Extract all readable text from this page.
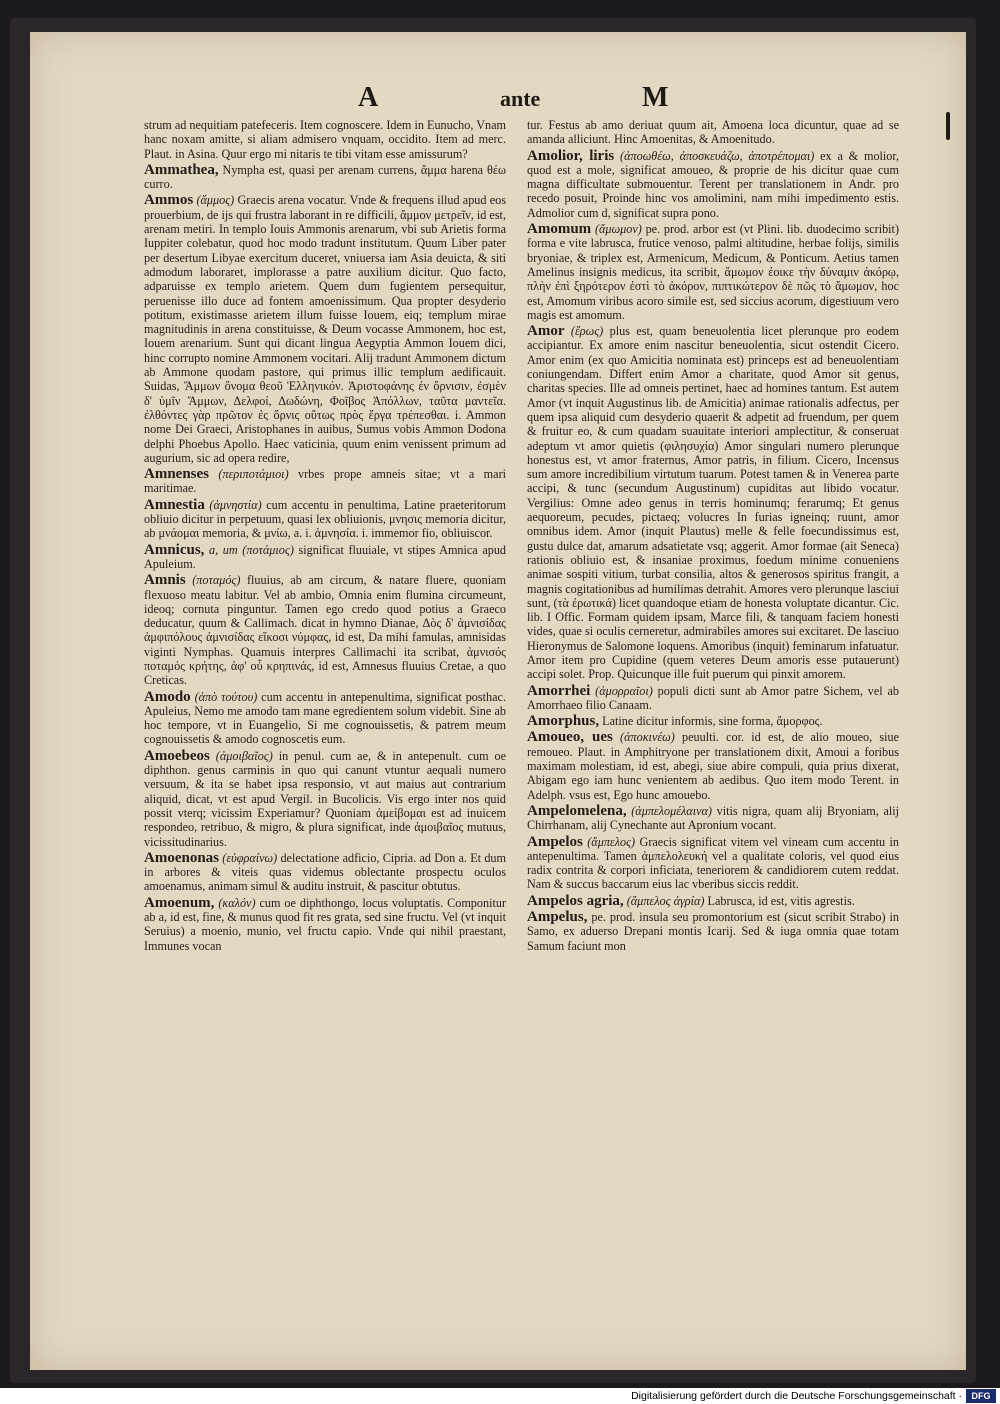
A	ante	M

strum ad nequitiam patefeceris. Item cognoscere. Idem in Eunucho, Vnam hanc noxam amitte, si aliam admisero vnquam, occidito. Item ad merc. Plaut. in Asina. Quur ergo mi nitaris te tibi vitam esse amissurum?

Ammathea, Nympha est, quasi per arenam currens, ἄμμα harena θέω curro.

Ammos (ἄμμος) Graecis arena vocatur. Vnde & frequens illud apud eos prouerbium, de ijs qui frustra laborant in re difficili, ἄμμον μετρεῖν, id est, arenam metiri. In templo Iouis Ammonis arenarum, vbi sub Arietis forma Iuppiter colebatur, quod hoc modo tradunt institutum. Quum Liber pater per desertum Libyae exercitum duceret, vniuersa iam Asia deuicta, & siti admodum laboraret, implorasse a patre auxilium dicitur. Quo facto, adparuisse ex templo arietem. Quem dum fugientem persequitur, peruenisse illo duce ad fontem amoenissimum. Qua propter desyderio potitum, existimasse arietem illum fuisse Iouem, eiq; templum mirae magnitudinis in arena constituisse, & Deum vocasse Ammonem, hoc est, Iouem arenarium. Sunt qui dicant lingua Aegyptia Ammon Iouem dici, hinc corrupto nomine Ammonem vocitari. Alij tradunt Ammonem dictum ab Ammone quodam pastore, qui primus illic templum aedificauit. Suidas, Ἄμμων ὄνομα θεοῦ Ἑλληνικόν. Ἀριστοφάνης ἐν ὄρνισιν, ἐσμὲν δ' ὑμῖν Ἄμμων, Δελφοί, Δωδώνη, Φοῖβος Ἀπόλλων, ταῦτα μαντεῖα. ἐλθόντες γὰρ πρῶτον ἐς ὄρνις οὕτως πρὸς ἔργα τρέπεσθαι. i. Ammon nome Dei Graeci, Aristophanes in auibus, Sumus vobis Ammon Dodona delphi Phoebus Apollo. Haec vaticinia, quum enim venissent primum ad augurium, sic ad opera redire,

Amnenses (περιποτάμιοι) vrbes prope amneis sitae; vt a mari maritimae.

Amnestia (ἀμνηστία) cum accentu in penultima, Latine praeteritorum obliuio dicitur in perpetuum, quasi lex obliuionis, μνησις memoria dicitur, ab μνάομαι memoria, & μνίω, a. i. ἀμνησία. i. immemor fio, obliuiscor.

Amnicus, a, um (ποτάμιος) significat fluuiale, vt stipes Amnica apud Apuleium.

Amnis (ποταμός) fluuius, ab am circum, & natare fluere, quoniam flexuoso meatu labitur. Vel ab ambio, Omnia enim flumina circumeunt, ideoq; cornuta pinguntur. Tamen ego credo quod potius a Graeco deducatur, quum & Callimach. dicat in hymno Dianae, Δὸς δ' ἀμνισίδας ἀμφιπόλους ἀμνισίδας εἴκοσι νύμφας, id est, Da mihi famulas, amnisidas viginti Nymphas. Quamuis interpres Callimachi ita scribat, ἀμνισός ποταμός κρήτης, ἀφ' οὗ κρηπινάς, id est, Amnesus fluuius Cretae, a quo Creticas.

Amodo (ἀπὸ τούτου) cum accentu in antepenultima, significat posthac. Apuleius, Nemo me amodo tam mane egredientem solum videbit. Sine ab hoc tempore, vt in Euangelio, Si me cognouissetis, & patrem meum cognouissetis & amodo cognoscetis eum.

Amoebeos (ἀμοιβαῖος) in penul. cum ae, & in antepenult. cum oe diphthon. genus carminis in quo qui canunt vtuntur aequali numero versuum, & ita se habet ipsa responsio, vt aut maius aut contrarium aliquid, dicat, vt est apud Vergil. in Bucolicis. Vis ergo inter nos quid possit vterq; vicissim Experiamur? Quoniam ἀμείβομαι est ad inuicem respondeo, retribuo, & migro, & plura significat, inde ἀμοιβαῖος mutuus, vicissitudinarius.

Amoenonas (εὐφραίνω) delectatione adficio, Cipria. ad Don a. Et dum in arbores & viteis quas videmus oblectante prospectu oculos amoenamus, animam simul & auditu instruit, & pascitur obtutus.

Amoenum, (καλόν) cum oe diphthongo, locus voluptatis. Componitur ab a, id est, fine, & munus quod fit res grata, sed sine fructu. Vel (vt inquit Seruius) a moenio, munio, vel fructu capio. Vnde qui nihil praestant, Immunes vocan

tur. Festus ab amo deriuat quum ait, Amoena loca dicuntur, quae ad se amanda alliciunt. Hinc Amoenitas, & Amoenitudo.

Amolior, liris (ἀποωθέω, ἀποσκευάζω, ἀποτρέπομαι) ex a & molior, quod est a mole, significat amoueo, & proprie de his dicitur quae cum magna difficultate submouentur. Terent per translationem in Andr. pro recedo posuit, Proinde hinc vos amolimini, nam mihi impedimento estis. Admolior cum d, significat supra pono.

Amomum (ἄμωμον) pe. prod. arbor est (vt Plini. lib. duodecimo scribit) forma e vite labrusca, frutice venoso, palmi altitudine, herbae folijs, similis bryoniae, & triplex est, Armenicum, Medicum, & Ponticum. Aetius tamen Amelinus insignis medicus, ita scribit, ἄμωμον ἐοικε τὴν δύναμιν ἀκόρῳ, πλὴν ἐπὶ ξηρότερον ἐστὶ τὸ ἀκόρον, πιπτικώτερον δὲ πῶς τὸ ἄμωμον, hoc est, Amomum viribus acoro simile est, sed siccius acorum, digestiuum vero magis est amomum.

Amor (ἔρως) plus est, quam beneuolentia licet plerunque pro eodem accipiantur. Ex amore enim nascitur beneuolentia, sicut ostendit Cicero. Amor enim (ex quo Amicitia nominata est) princeps est ad beneuolentiam coniungendam. Differt enim Amor a charitate, quod Amor sit genus, charitas species. Ille ad omneis pertinet, haec ad homines tantum. Est autem Amor (vt inquit Augustinus lib. de Amicitia) animae rationalis adfectus, per quem ipsa aliquid cum desyderio quaerit & adpetit ad fruendum, per quem & fruitur eo, & cum quadam suauitate interiori amplectitur, & conseruat adeptum vt amor quietis (φιλησυχία) Amor singulari numero plerunque honestus est, vt amor fraternus, Amor patris, in filium. Cicero, Incensus sum amore incredibilium virtutum tuarum. Potest tamen & in Venerea parte accipi, & tunc (secundum Augustinum) cupiditas aut libido vocatur. Vergilius: Omne adeo genus in terris hominumq; ferarumq; Et genus aequoreum, pecudes, pictaeq; volucres In furias igneinq; ruunt, amor omnibus idem. Amor (inquit Plautus) melle & felle foecundissimus est, gustu dulce dat, amarum adsatietate vsq; aggerit. Amor formae (ait Seneca) rationis obliuio est, & insaniae proximus, foedum minime conueniens animae sospiti vitium, turbat consilia, altos & generosos spiritus frangit, a magnis cogitationibus ad humilimas detrahit. Amores vero plerunque lasciui sunt, (τὰ ἐρωτικά) licet quandoque etiam de honesta voluptate dicantur. Cic. lib. I Offic. Formam quidem ipsam, Marce fili, & tanquam faciem honesti vides, quae si oculis cerneretur, admirabiles amores sui excitaret. De lasciuo Hieronymus de Salomone loquens. Amoribus (inquit) feminarum infatuatur. Amor item pro Cupidine (quem veteres Deum amoris esse putauerunt) accipi solet. Prop. Quicunque ille fuit puerum qui pinxit amorem.

Amorrhei (ἀμορραῖοι) populi dicti sunt ab Amor patre Sichem, vel ab Amorrhaeo filio Canaam.

Amorphus, Latine dicitur informis, sine forma, ἄμορφος.

Amoueo, ues (ἀποκινέω) peuulti. cor. id est, de alio moueo, siue remoueo. Plaut. in Amphitryone per translationem dixit, Amoui a foribus maximam molestiam, id est, abegi, siue abire compuli, quia prius dixerat, Abigam ego iam hunc venientem ab aedibus. Quo item modo Terent. in Adelph. vsus est, Ego hunc amouebo.

Ampelomelena, (ἀμπελομέλαινα) vitis nigra, quam alij Bryoniam, alij Chirrhanam, alij Cynechante aut Apronium vocant.

Ampelos (ἄμπελος) Graecis significat vitem vel vineam cum accentu in antepenultima. Tamen ἀμπελολευκή vel a qualitate coloris, vel quod eius radix contrita & corpori inficiata, teneriorem & candidiorem cutem reddat. Nam & succus baccarum eius lac vberibus siccis reddit.

Ampelos agria, (ἄμπελος ἀγρία) Labrusca, id est, vitis agrestis.

Ampelus, pe. prod. insula seu promontorium est (sicut scribit Strabo) in Samo, ex aduerso Drepani montis Icarij. Sed & iuga omnia quae totam Samum faciunt mon

Digitalisierung gefördert durch die Deutsche Forschungsgemeinschaft ·	DFG
